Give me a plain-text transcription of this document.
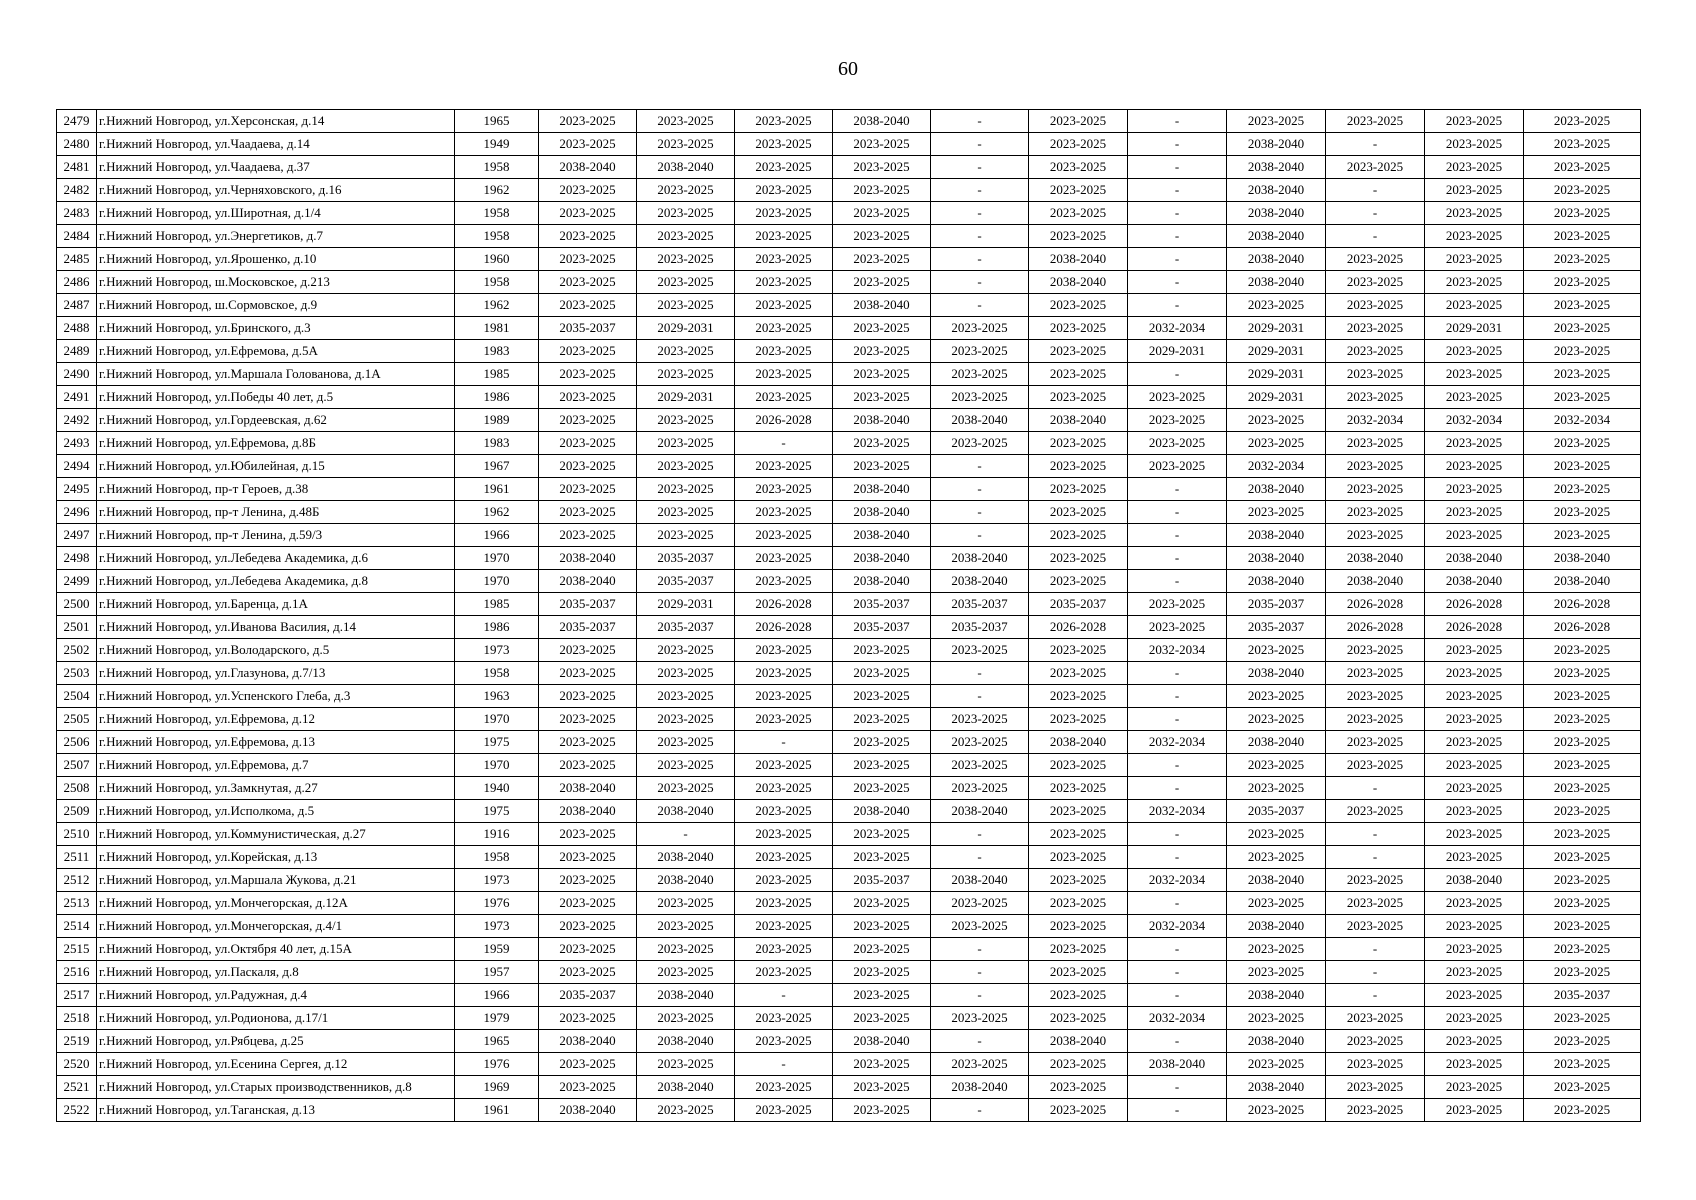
60
2479	г.Нижний Новгород, ул.Херсонская, д.14	1965	2023-2025	2023-2025	2023-2025	2038-2040	-	2023-2025	-	2023-2025	2023-2025	2023-2025	2023-2025
2480	г.Нижний Новгород, ул.Чаадаева, д.14	1949	2023-2025	2023-2025	2023-2025	2023-2025	-	2023-2025	-	2038-2040	-	2023-2025	2023-2025
2481	г.Нижний Новгород, ул.Чаадаева, д.37	1958	2038-2040	2038-2040	2023-2025	2023-2025	-	2023-2025	-	2038-2040	2023-2025	2023-2025	2023-2025
2482	г.Нижний Новгород, ул.Черняховского, д.16	1962	2023-2025	2023-2025	2023-2025	2023-2025	-	2023-2025	-	2038-2040	-	2023-2025	2023-2025
2483	г.Нижний Новгород, ул.Широтная, д.1/4	1958	2023-2025	2023-2025	2023-2025	2023-2025	-	2023-2025	-	2038-2040	-	2023-2025	2023-2025
2484	г.Нижний Новгород, ул.Энергетиков, д.7	1958	2023-2025	2023-2025	2023-2025	2023-2025	-	2023-2025	-	2038-2040	-	2023-2025	2023-2025
2485	г.Нижний Новгород, ул.Ярошенко, д.10	1960	2023-2025	2023-2025	2023-2025	2023-2025	-	2038-2040	-	2038-2040	2023-2025	2023-2025	2023-2025
2486	г.Нижний Новгород, ш.Московское, д.213	1958	2023-2025	2023-2025	2023-2025	2023-2025	-	2038-2040	-	2038-2040	2023-2025	2023-2025	2023-2025
2487	г.Нижний Новгород, ш.Сормовское, д.9	1962	2023-2025	2023-2025	2023-2025	2038-2040	-	2023-2025	-	2023-2025	2023-2025	2023-2025	2023-2025
2488	г.Нижний Новгород, ул.Бринского, д.3	1981	2035-2037	2029-2031	2023-2025	2023-2025	2023-2025	2023-2025	2032-2034	2029-2031	2023-2025	2029-2031	2023-2025
2489	г.Нижний Новгород, ул.Ефремова, д.5А	1983	2023-2025	2023-2025	2023-2025	2023-2025	2023-2025	2023-2025	2029-2031	2029-2031	2023-2025	2023-2025	2023-2025
2490	г.Нижний Новгород, ул.Маршала Голованова, д.1А	1985	2023-2025	2023-2025	2023-2025	2023-2025	2023-2025	2023-2025	-	2029-2031	2023-2025	2023-2025	2023-2025
2491	г.Нижний Новгород, ул.Победы 40 лет, д.5	1986	2023-2025	2029-2031	2023-2025	2023-2025	2023-2025	2023-2025	2023-2025	2029-2031	2023-2025	2023-2025	2023-2025
2492	г.Нижний Новгород, ул.Гордеевская, д.62	1989	2023-2025	2023-2025	2026-2028	2038-2040	2038-2040	2038-2040	2023-2025	2023-2025	2032-2034	2032-2034	2032-2034
2493	г.Нижний Новгород, ул.Ефремова, д.8Б	1983	2023-2025	2023-2025	-	2023-2025	2023-2025	2023-2025	2023-2025	2023-2025	2023-2025	2023-2025	2023-2025
2494	г.Нижний Новгород, ул.Юбилейная, д.15	1967	2023-2025	2023-2025	2023-2025	2023-2025	-	2023-2025	2023-2025	2032-2034	2023-2025	2023-2025	2023-2025
2495	г.Нижний Новгород, пр-т Героев, д.38	1961	2023-2025	2023-2025	2023-2025	2038-2040	-	2023-2025	-	2038-2040	2023-2025	2023-2025	2023-2025
2496	г.Нижний Новгород, пр-т Ленина, д.48Б	1962	2023-2025	2023-2025	2023-2025	2038-2040	-	2023-2025	-	2023-2025	2023-2025	2023-2025	2023-2025
2497	г.Нижний Новгород, пр-т Ленина, д.59/3	1966	2023-2025	2023-2025	2023-2025	2038-2040	-	2023-2025	-	2038-2040	2023-2025	2023-2025	2023-2025
2498	г.Нижний Новгород, ул.Лебедева Академика, д.6	1970	2038-2040	2035-2037	2023-2025	2038-2040	2038-2040	2023-2025	-	2038-2040	2038-2040	2038-2040	2038-2040
2499	г.Нижний Новгород, ул.Лебедева Академика, д.8	1970	2038-2040	2035-2037	2023-2025	2038-2040	2038-2040	2023-2025	-	2038-2040	2038-2040	2038-2040	2038-2040
2500	г.Нижний Новгород, ул.Баренца, д.1А	1985	2035-2037	2029-2031	2026-2028	2035-2037	2035-2037	2035-2037	2023-2025	2035-2037	2026-2028	2026-2028	2026-2028
2501	г.Нижний Новгород, ул.Иванова Василия, д.14	1986	2035-2037	2035-2037	2026-2028	2035-2037	2035-2037	2026-2028	2023-2025	2035-2037	2026-2028	2026-2028	2026-2028
2502	г.Нижний Новгород, ул.Володарского, д.5	1973	2023-2025	2023-2025	2023-2025	2023-2025	2023-2025	2023-2025	2032-2034	2023-2025	2023-2025	2023-2025	2023-2025
2503	г.Нижний Новгород, ул.Глазунова, д.7/13	1958	2023-2025	2023-2025	2023-2025	2023-2025	-	2023-2025	-	2038-2040	2023-2025	2023-2025	2023-2025
2504	г.Нижний Новгород, ул.Успенского Глеба, д.3	1963	2023-2025	2023-2025	2023-2025	2023-2025	-	2023-2025	-	2023-2025	2023-2025	2023-2025	2023-2025
2505	г.Нижний Новгород, ул.Ефремова, д.12	1970	2023-2025	2023-2025	2023-2025	2023-2025	2023-2025	2023-2025	-	2023-2025	2023-2025	2023-2025	2023-2025
2506	г.Нижний Новгород, ул.Ефремова, д.13	1975	2023-2025	2023-2025	-	2023-2025	2023-2025	2038-2040	2032-2034	2038-2040	2023-2025	2023-2025	2023-2025
2507	г.Нижний Новгород, ул.Ефремова, д.7	1970	2023-2025	2023-2025	2023-2025	2023-2025	2023-2025	2023-2025	-	2023-2025	2023-2025	2023-2025	2023-2025
2508	г.Нижний Новгород, ул.Замкнутая, д.27	1940	2038-2040	2023-2025	2023-2025	2023-2025	2023-2025	2023-2025	-	2023-2025	-	2023-2025	2023-2025
2509	г.Нижний Новгород, ул.Исполкома, д.5	1975	2038-2040	2038-2040	2023-2025	2038-2040	2038-2040	2023-2025	2032-2034	2035-2037	2023-2025	2023-2025	2023-2025
2510	г.Нижний Новгород, ул.Коммунистическая, д.27	1916	2023-2025	-	2023-2025	2023-2025	-	2023-2025	-	2023-2025	-	2023-2025	2023-2025
2511	г.Нижний Новгород, ул.Корейская, д.13	1958	2023-2025	2038-2040	2023-2025	2023-2025	-	2023-2025	-	2023-2025	-	2023-2025	2023-2025
2512	г.Нижний Новгород, ул.Маршала Жукова, д.21	1973	2023-2025	2038-2040	2023-2025	2035-2037	2038-2040	2023-2025	2032-2034	2038-2040	2023-2025	2038-2040	2023-2025
2513	г.Нижний Новгород, ул.Мончегорская, д.12А	1976	2023-2025	2023-2025	2023-2025	2023-2025	2023-2025	2023-2025	-	2023-2025	2023-2025	2023-2025	2023-2025
2514	г.Нижний Новгород, ул.Мончегорская, д.4/1	1973	2023-2025	2023-2025	2023-2025	2023-2025	2023-2025	2023-2025	2032-2034	2038-2040	2023-2025	2023-2025	2023-2025
2515	г.Нижний Новгород, ул.Октября 40 лет, д.15А	1959	2023-2025	2023-2025	2023-2025	2023-2025	-	2023-2025	-	2023-2025	-	2023-2025	2023-2025
2516	г.Нижний Новгород, ул.Паскаля, д.8	1957	2023-2025	2023-2025	2023-2025	2023-2025	-	2023-2025	-	2023-2025	-	2023-2025	2023-2025
2517	г.Нижний Новгород, ул.Радужная, д.4	1966	2035-2037	2038-2040	-	2023-2025	-	2023-2025	-	2038-2040	-	2023-2025	2035-2037
2518	г.Нижний Новгород, ул.Родионова, д.17/1	1979	2023-2025	2023-2025	2023-2025	2023-2025	2023-2025	2023-2025	2032-2034	2023-2025	2023-2025	2023-2025	2023-2025
2519	г.Нижний Новгород, ул.Рябцева, д.25	1965	2038-2040	2038-2040	2023-2025	2038-2040	-	2038-2040	-	2038-2040	2023-2025	2023-2025	2023-2025
2520	г.Нижний Новгород, ул.Есенина Сергея, д.12	1976	2023-2025	2023-2025	-	2023-2025	2023-2025	2023-2025	2038-2040	2023-2025	2023-2025	2023-2025	2023-2025
2521	г.Нижний Новгород, ул.Старых производственников, д.8	1969	2023-2025	2038-2040	2023-2025	2023-2025	2038-2040	2023-2025	-	2038-2040	2023-2025	2023-2025	2023-2025
2522	г.Нижний Новгород, ул.Таганская, д.13	1961	2038-2040	2023-2025	2023-2025	2023-2025	-	2023-2025	-	2023-2025	2023-2025	2023-2025	2023-2025
